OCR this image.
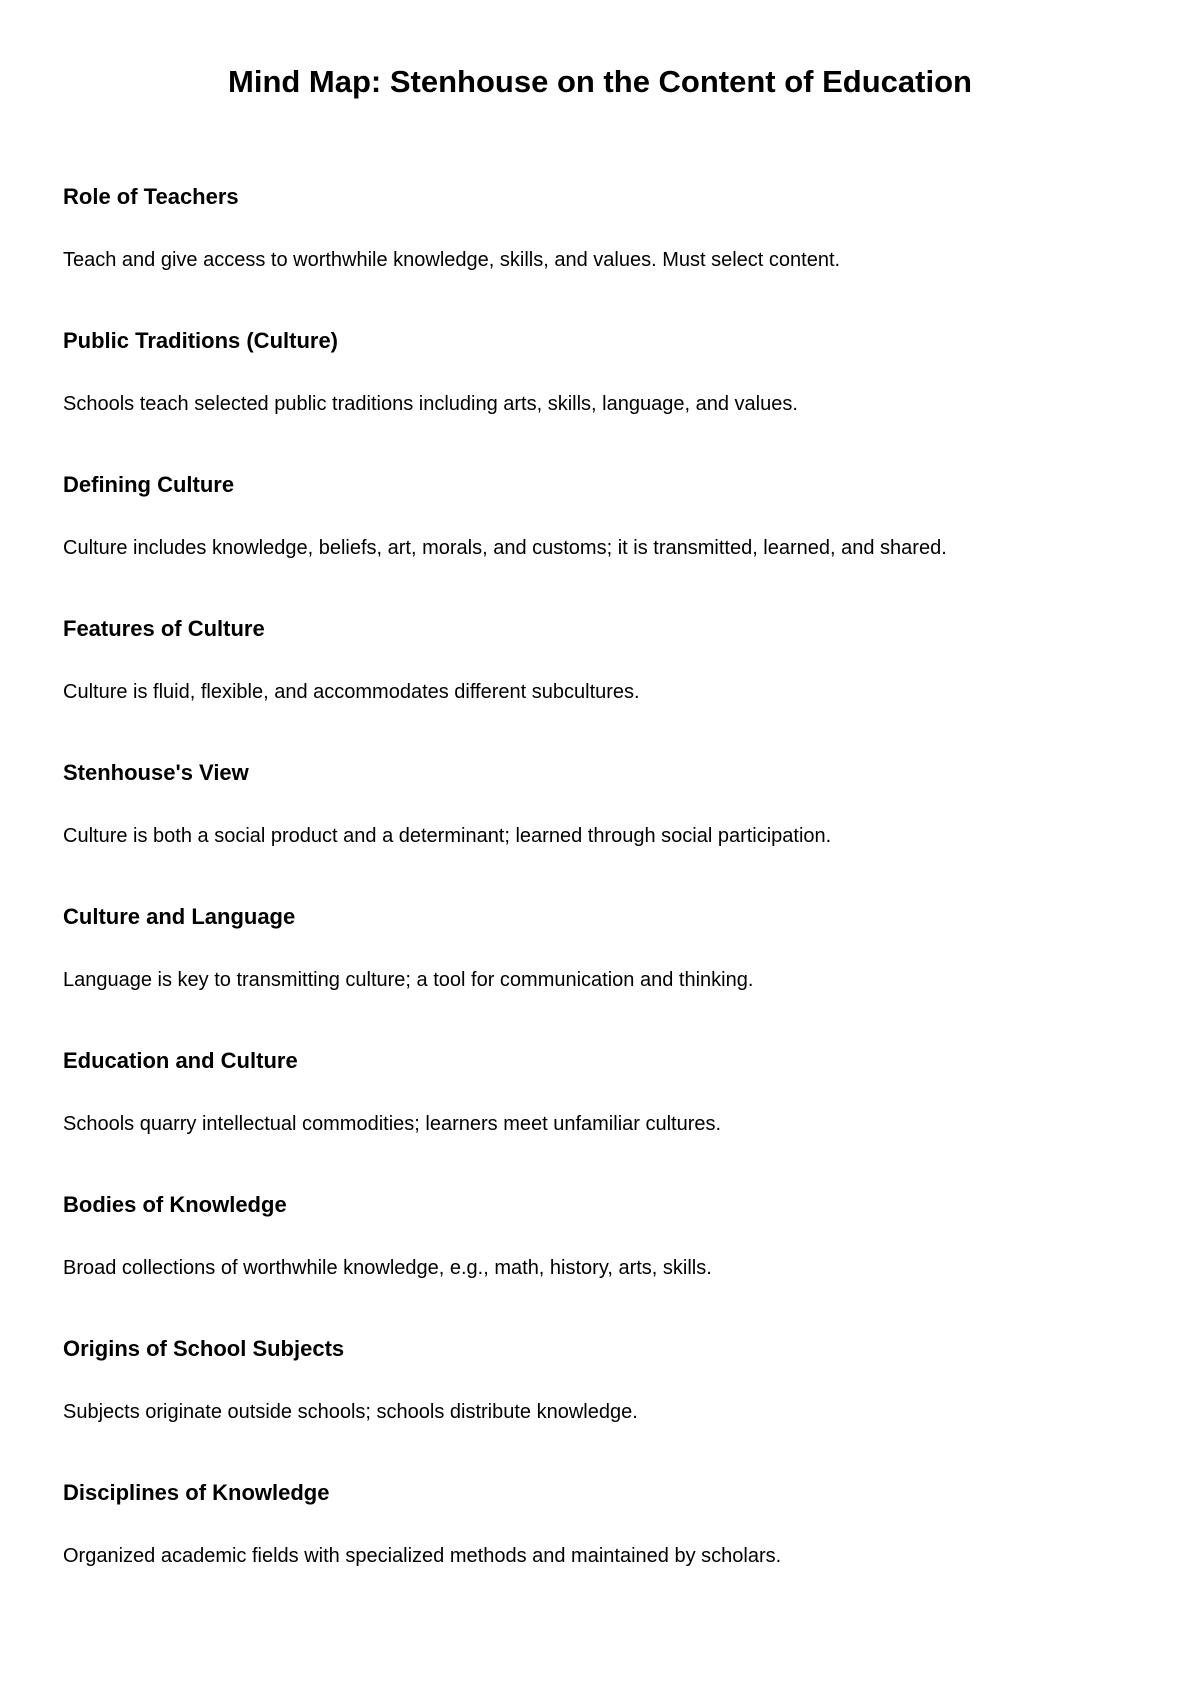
Mind Map: Stenhouse on the Content of Education
Role of Teachers

Teach and give access to worthwhile knowledge, skills, and values. Must select content.

Public Traditions (Culture)

Schools teach selected public traditions including arts, skills, language, and values.

Defining Culture

Culture includes knowledge, beliefs, art, morals, and customs; it is transmitted, learned, and shared.

Features of Culture

Culture is fluid, flexible, and accommodates different subcultures.

Stenhouse's View

Culture is both a social product and a determinant; learned through social participation.

Culture and Language

Language is key to transmitting culture; a tool for communication and thinking.

Education and Culture

Schools quarry intellectual commodities; learners meet unfamiliar cultures.

Bodies of Knowledge

Broad collections of worthwhile knowledge, e.g., math, history, arts, skills.

Origins of School Subjects

Subjects originate outside schools; schools distribute knowledge.

Disciplines of Knowledge

Organized academic fields with specialized methods and maintained by scholars.
